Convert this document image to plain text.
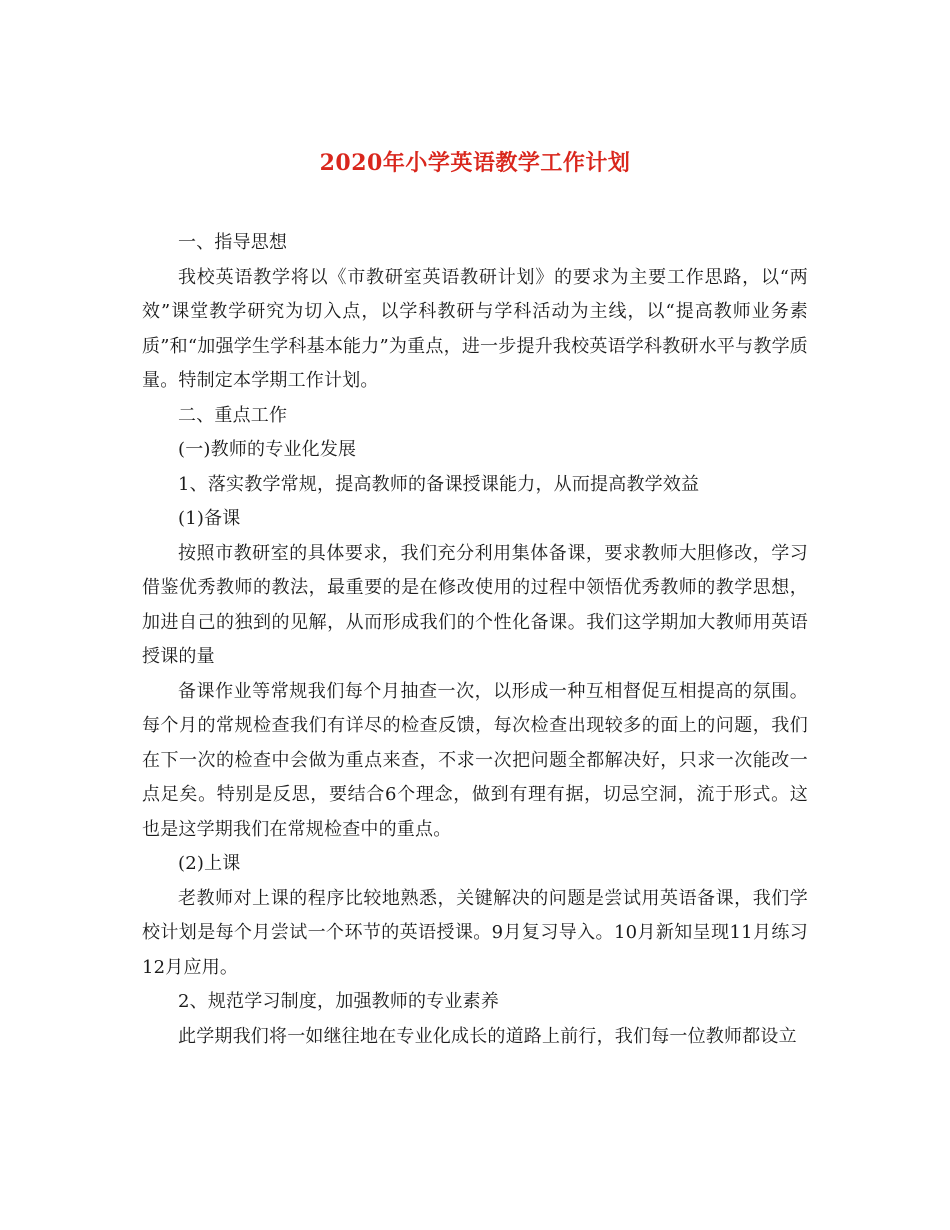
2020年小学英语教学工作计划

一、指导思想

我校英语教学将以《市教研室英语教研计划》的要求为主要工作思路，以“两效”课堂教学研究为切入点，以学科教研与学科活动为主线，以“提高教师业务素质”和“加强学生学科基本能力”为重点，进一步提升我校英语学科教研水平与教学质量。特制定本学期工作计划。

二、重点工作

(一)教师的专业化发展

1、落实教学常规，提高教师的备课授课能力，从而提高教学效益

(1)备课

按照市教研室的具体要求，我们充分利用集体备课，要求教师大胆修改，学习借鉴优秀教师的教法，最重要的是在修改使用的过程中领悟优秀教师的教学思想，加进自己的独到的见解，从而形成我们的个性化备课。我们这学期加大教师用英语授课的量

备课作业等常规我们每个月抽查一次，以形成一种互相督促互相提高的氛围。每个月的常规检查我们有详尽的检查反馈，每次检查出现较多的面上的问题，我们在下一次的检查中会做为重点来查，不求一次把问题全都解决好，只求一次能改一点足矣。特别是反思，要结合6个理念，做到有理有据，切忌空洞，流于形式。这也是这学期我们在常规检查中的重点。

(2)上课

老教师对上课的程序比较地熟悉，关键解决的问题是尝试用英语备课，我们学校计划是每个月尝试一个环节的英语授课。9月复习导入。10月新知呈现11月练习12月应用。

2、规范学习制度，加强教师的专业素养

此学期我们将一如继往地在专业化成长的道路上前行，我们每一位教师都设立
